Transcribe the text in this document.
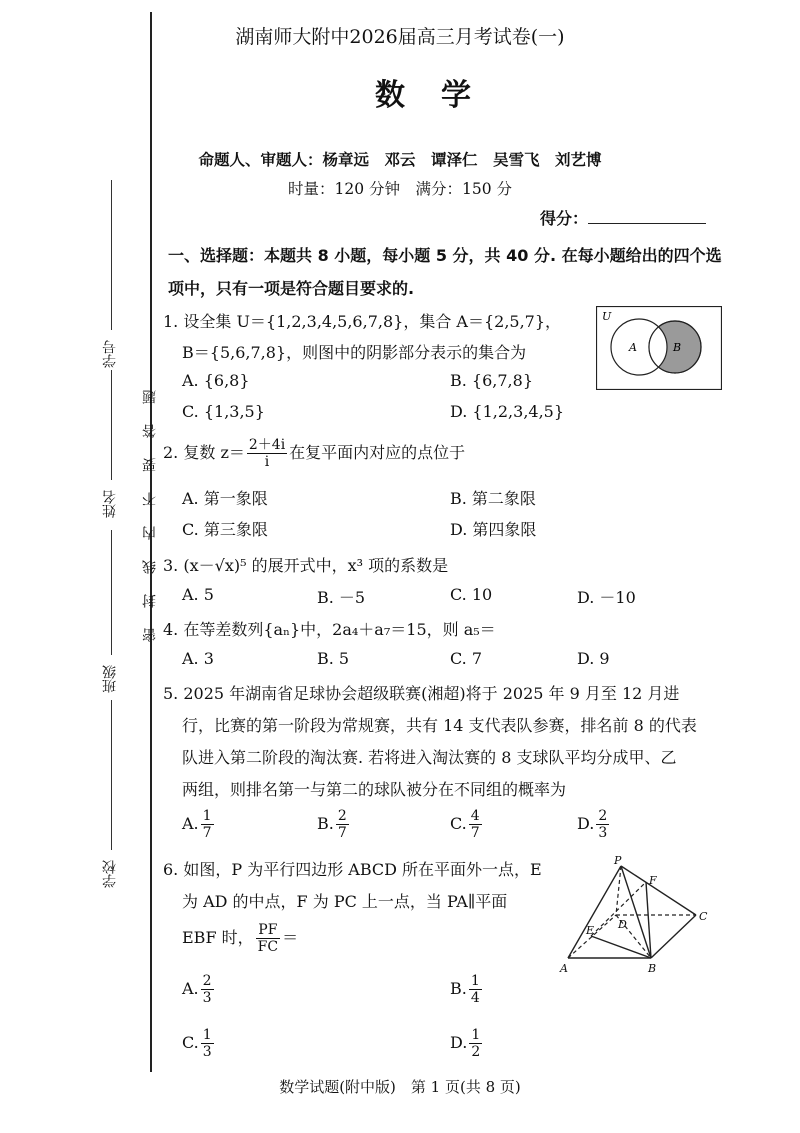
学号
姓名
班级
学校
密封线内不要答题
湖南师大附中2026届高三月考试卷(一)
数学
命题人、审题人：杨章远　邓云　谭泽仁　吴雪飞　刘艺博
时量：120 分钟　满分：150 分
得分：
一、选择题：本题共 8 小题，每小题 5 分，共 40 分. 在每小题给出的四个选
项中，只有一项是符合题目要求的.
1. 设全集 U＝{1,2,3,4,5,6,7,8}，集合 A＝{2,5,7}，
B＝{5,6,7,8}，则图中的阴影部分表示的集合为
A. {6,8}	B. {6,7,8}
C. {1,3,5}	D. {1,2,3,4,5}
U
A	B
2. 复数 $z= \frac{2+4i}{i}$ 在复平面内对应的点位于
A. 第一象限	B. 第二象限
C. 第三象限	D. 第四象限
3. (x－√x)⁵ 的展开式中，x³ 项的系数是
A. 5	B. －5	C. 10	D. －10
4. 在等差数列{aₙ}中，2a₄＋a₇＝15，则 a₅＝
A. 3	B. 5	C. 7	D. 9
5. 2025 年湖南省足球协会超级联赛(湘超)将于 2025 年 9 月至 12 月进
行，比赛的第一阶段为常规赛，共有 14 支代表队参赛，排名前 8 的代表
队进入第二阶段的淘汰赛. 若将进入淘汰赛的 8 支球队平均分成甲、乙
两组，则排名第一与第二的球队被分在不同组的概率为
A. $\frac{1}{7}$	B. $\frac{2}{7}$	C. $\frac{4}{7}$	D. $\frac{2}{3}$
6. 如图，P 为平行四边形 ABCD 所在平面外一点，E
为 AD 的中点，F 为 PC 上一点，当 PA∥平面
EBF 时， $\frac{PF}{FC}$ ＝
A. $\frac{2}{3}$	B. $\frac{1}{4}$
C. $\frac{1}{3}$	D. $\frac{1}{2}$
P
F
C
D
E
A	B
数学试题(附中版)　第 1 页(共 8 页)
